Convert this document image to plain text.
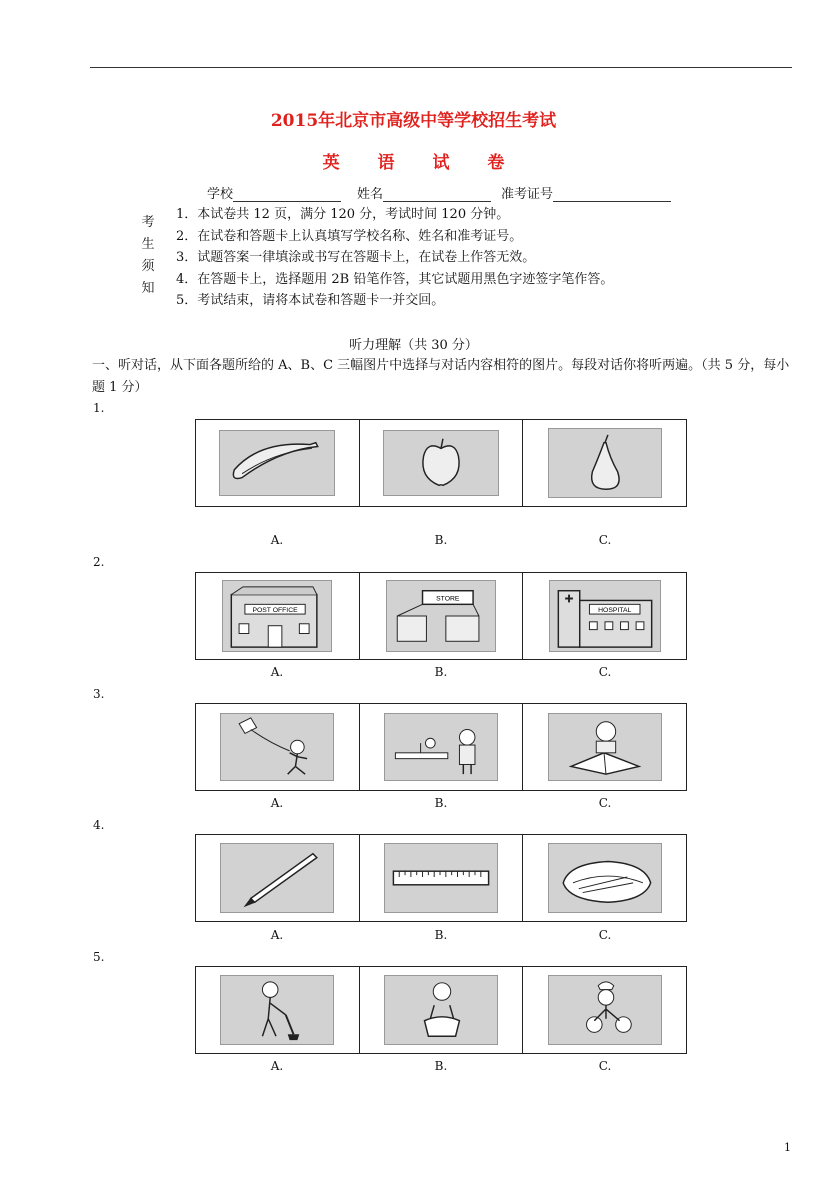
2015年北京市高级中等学校招生考试
英 语 试 卷
学校	姓名	准考证号
考
生
须
知
1．本试卷共 12 页，满分 120 分，考试时间 120 分钟。
2．在试卷和答题卡上认真填写学校名称、姓名和准考证号。
3．试题答案一律填涂或书写在答题卡上，在试卷上作答无效。
4．在答题卡上，选择题用 2B 铅笔作答，其它试题用黑色字迹签字笔作答。
5．考试结束，请将本试卷和答题卡一并交回。
听力理解（共 30 分）
一、听对话，从下面各题所给的 A、B、C 三幅图片中选择与对话内容相符的图片。每段对话你将听两遍。（共 5 分，每小题 1 分）
1.
A.	B.	C.
2.
POST OFFICE
STORE
HOSPITAL
A.	B.	C.
3.
A.	B.	C.
4.
A.	B.	C.
5.
A.	B.	C.
1
